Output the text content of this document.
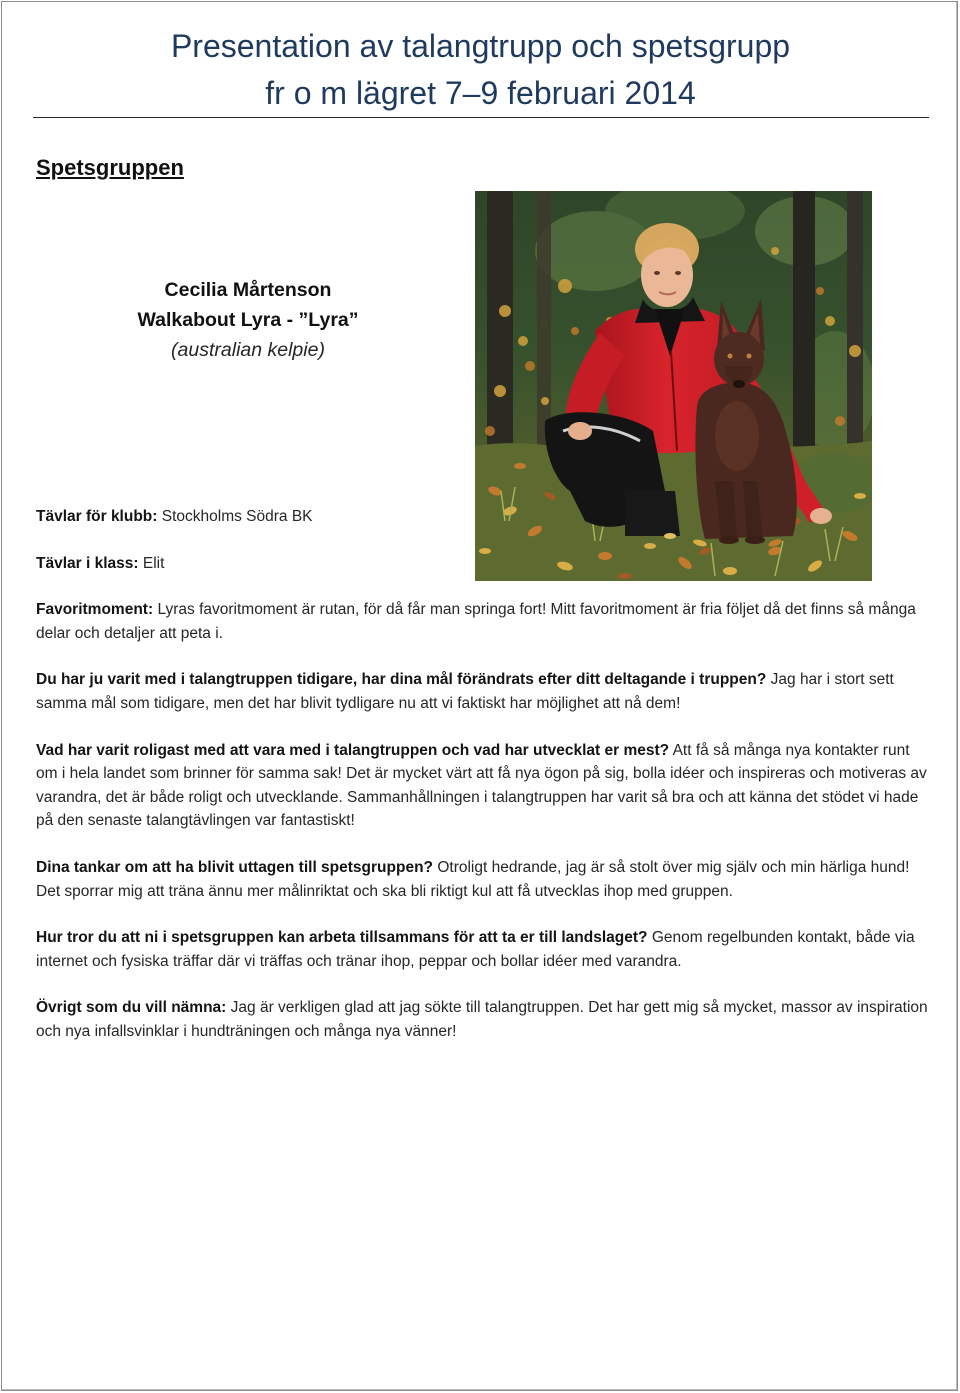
Presentation av talangtrupp och spetsgrupp
fr o m lägret 7–9 februari 2014
Spetsgruppen
Cecilia Mårtenson
Walkabout Lyra - ”Lyra”
(australian kelpie)

Tävlar för klubb: Stockholms Södra BK

Tävlar i klass: Elit

Favoritmoment: Lyras favoritmoment är rutan, för då får man springa fort! Mitt favoritmoment är fria följet då det finns så många delar och detaljer att peta i.

Du har ju varit med i talangtruppen tidigare, har dina mål förändrats efter ditt deltagande i truppen? Jag har i stort sett samma mål som tidigare, men det har blivit tydligare nu att vi faktiskt har möjlighet att nå dem!

Vad har varit roligast med att vara med i talangtruppen och vad har utvecklat er mest? Att få så många nya kontakter runt om i hela landet som brinner för samma sak! Det är mycket värt att få nya ögon på sig, bolla idéer och inspireras och motiveras av varandra, det är både roligt och utvecklande. Sammanhållningen i talangtruppen har varit så bra och att känna det stödet vi hade på den senaste talangtävlingen var fantastiskt!

Dina tankar om att ha blivit uttagen till spetsgruppen? Otroligt hedrande, jag är så stolt över mig själv och min härliga hund! Det sporrar mig att träna ännu mer målinriktat och ska bli riktigt kul att få utvecklas ihop med gruppen.

Hur tror du att ni i spetsgruppen kan arbeta tillsammans för att ta er till landslaget? Genom regelbunden kontakt, både via internet och fysiska träffar där vi träffas och tränar ihop, peppar och bollar idéer med varandra.

Övrigt som du vill nämna: Jag är verkligen glad att jag sökte till talangtruppen. Det har gett mig så mycket, massor av inspiration och nya infallsvinklar i hundträningen och många nya vänner!
